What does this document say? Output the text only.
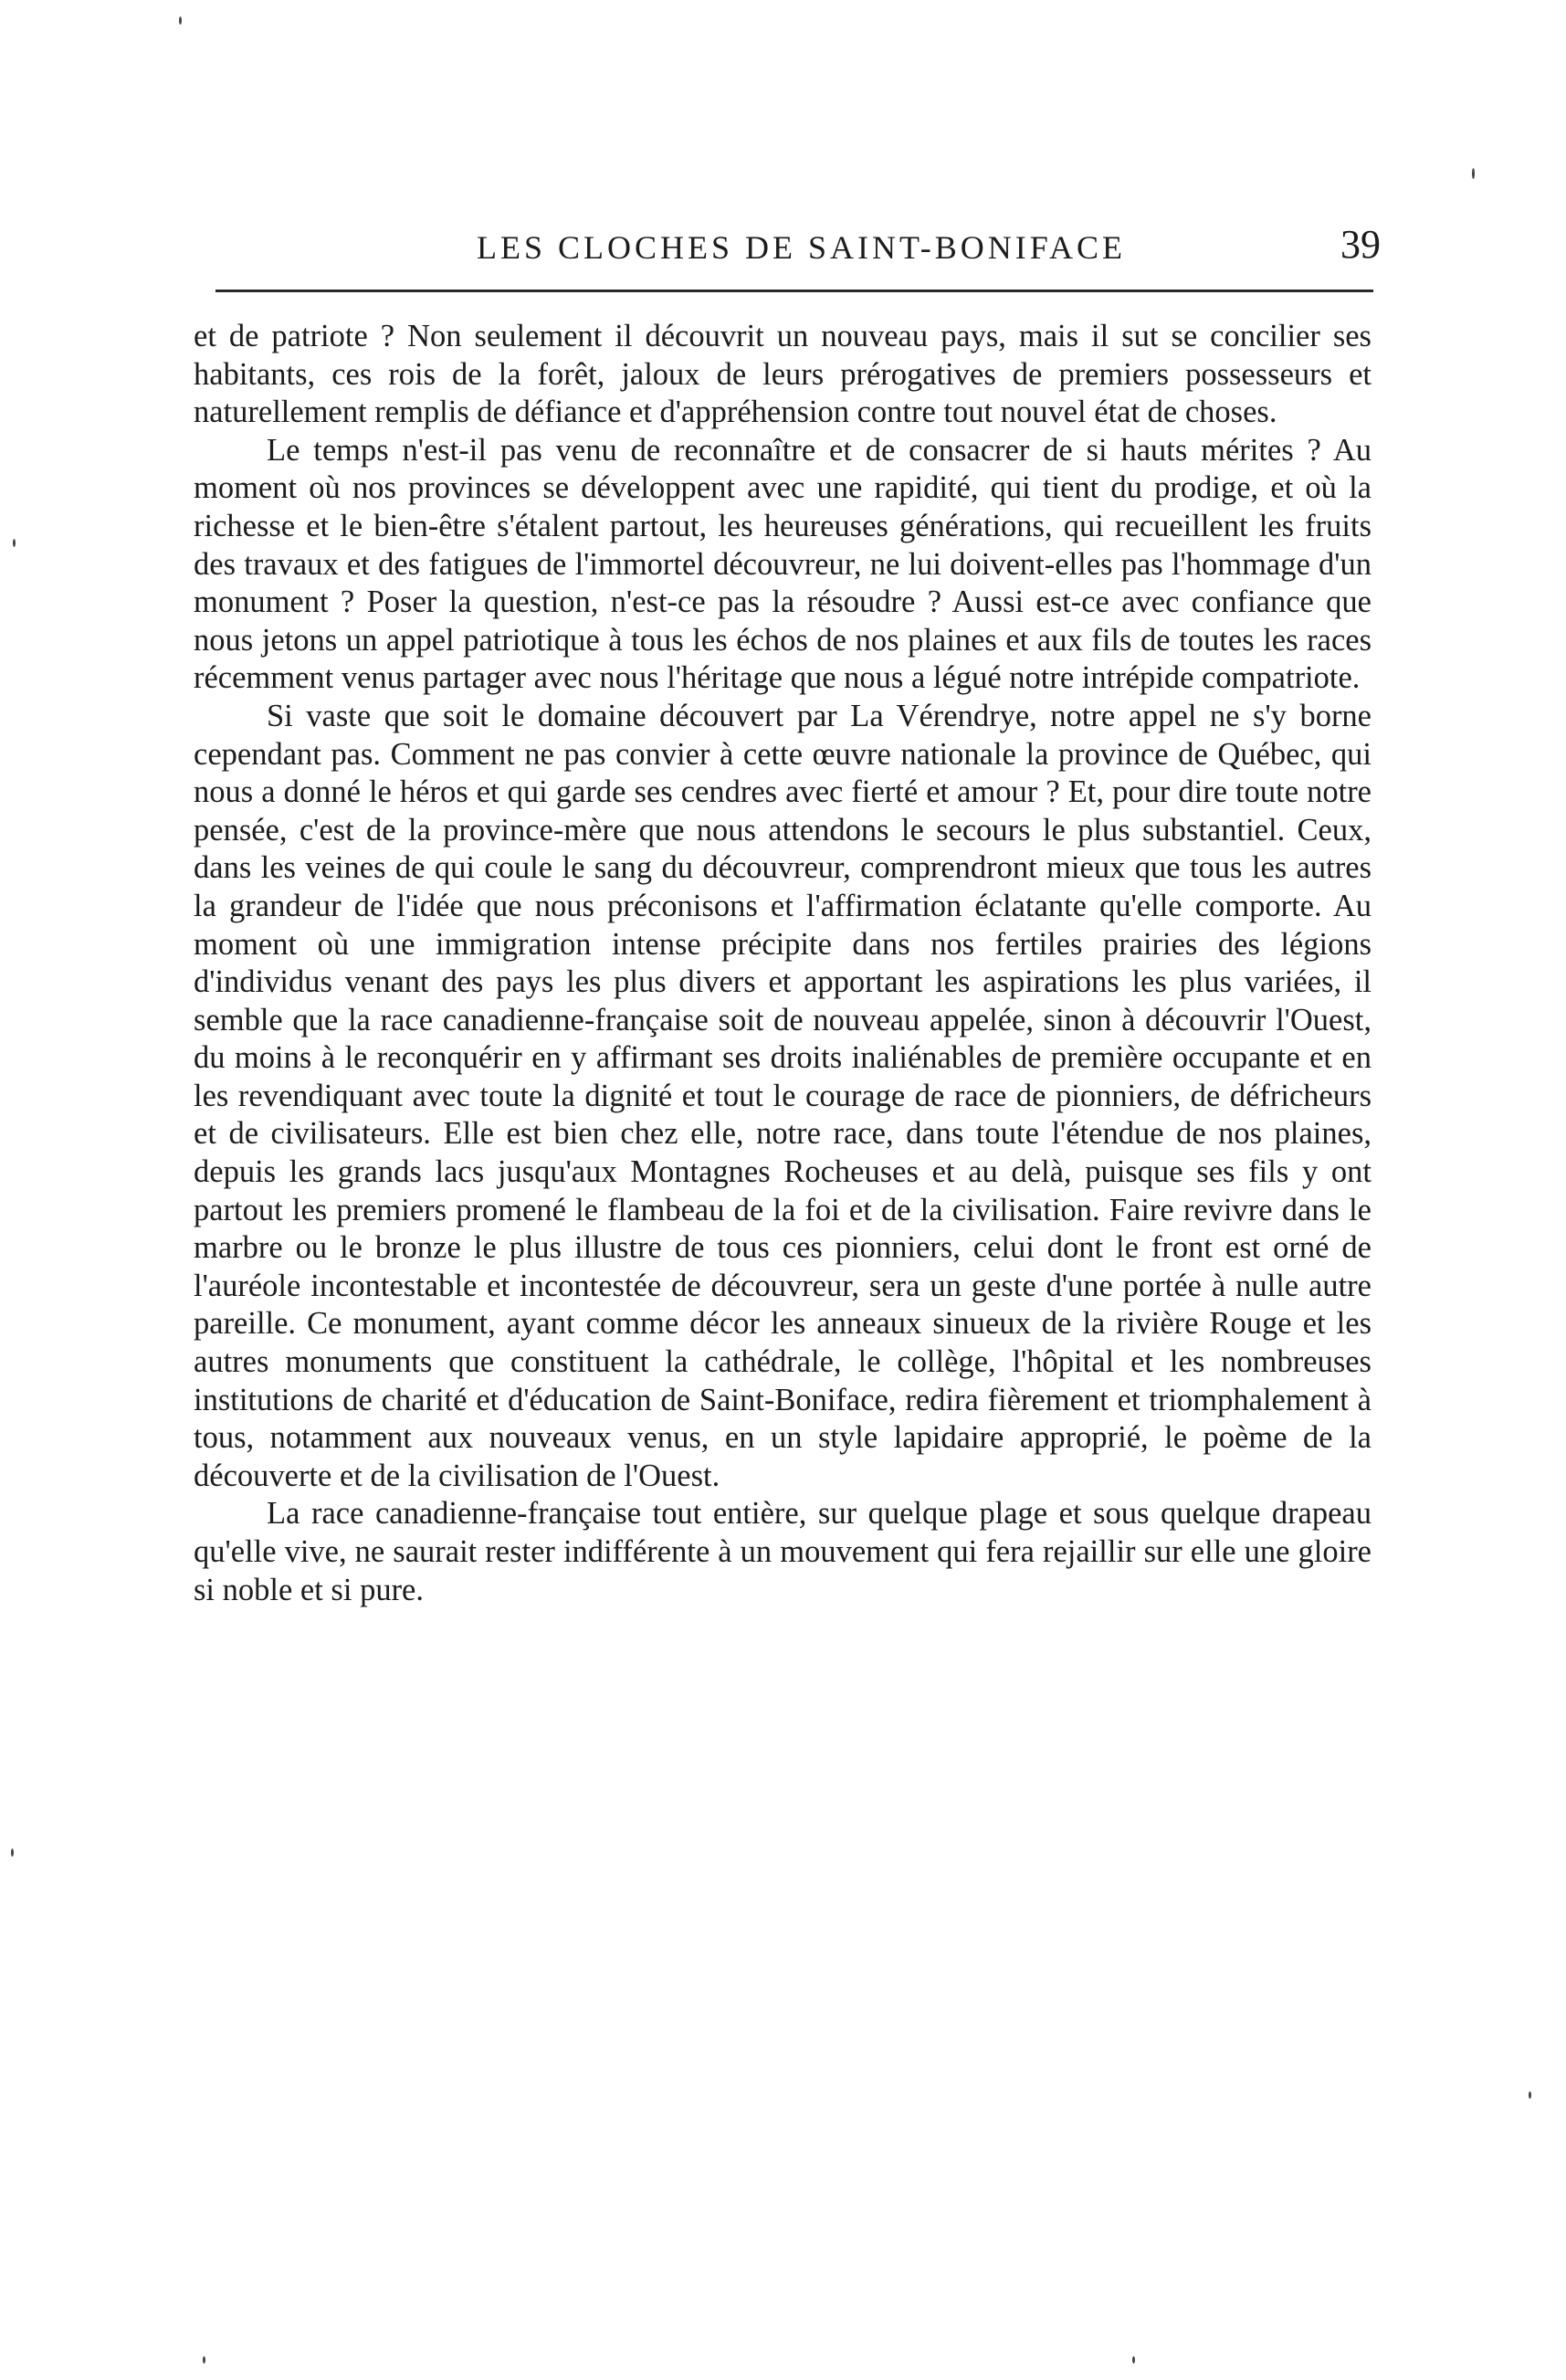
LES CLOCHES DE SAINT-BONIFACE	39

et de patriote ? Non seulement il découvrit un nouveau pays, mais il sut se concilier ses habitants, ces rois de la forêt, jaloux de leurs prérogatives de premiers possesseurs et naturellement remplis de défiance et d'appréhension contre tout nouvel état de choses.

Le temps n'est-il pas venu de reconnaître et de consacrer de si hauts mérites ? Au moment où nos provinces se développent avec une rapidité, qui tient du prodige, et où la richesse et le bien-être s'étalent partout, les heureuses générations, qui recueillent les fruits des travaux et des fatigues de l'immortel découvreur, ne lui doivent-elles pas l'hommage d'un monument ? Poser la question, n'est-ce pas la résoudre ? Aussi est-ce avec confiance que nous jetons un appel patriotique à tous les échos de nos plaines et aux fils de toutes les races récemment venus partager avec nous l'héritage que nous a légué notre intrépide compatriote.

Si vaste que soit le domaine découvert par La Vérendrye, notre appel ne s'y borne cependant pas. Comment ne pas convier à cette œuvre nationale la province de Québec, qui nous a donné le héros et qui garde ses cendres avec fierté et amour ? Et, pour dire toute notre pensée, c'est de la province-mère que nous attendons le secours le plus substantiel. Ceux, dans les veines de qui coule le sang du découvreur, comprendront mieux que tous les autres la grandeur de l'idée que nous préconisons et l'affirmation éclatante qu'elle comporte. Au moment où une immigration intense précipite dans nos fertiles prairies des légions d'individus venant des pays les plus divers et apportant les aspirations les plus variées, il semble que la race canadienne-française soit de nouveau appelée, sinon à découvrir l'Ouest, du moins à le reconquérir en y affirmant ses droits inaliénables de première occupante et en les revendiquant avec toute la dignité et tout le courage de race de pionniers, de défricheurs et de civilisateurs. Elle est bien chez elle, notre race, dans toute l'étendue de nos plaines, depuis les grands lacs jusqu'aux Montagnes Rocheuses et au delà, puisque ses fils y ont partout les premiers promené le flambeau de la foi et de la civilisation. Faire revivre dans le marbre ou le bronze le plus illustre de tous ces pionniers, celui dont le front est orné de l'auréole incontestable et incontestée de découvreur, sera un geste d'une portée à nulle autre pareille. Ce monument, ayant comme décor les anneaux sinueux de la rivière Rouge et les autres monuments que constituent la cathédrale, le collège, l'hôpital et les nombreuses institutions de charité et d'éducation de Saint-Boniface, redira fièrement et triomphalement à tous, notamment aux nouveaux venus, en un style lapidaire approprié, le poème de la découverte et de la civilisation de l'Ouest.

La race canadienne-française tout entière, sur quelque plage et sous quelque drapeau qu'elle vive, ne saurait rester indifférente à un mouvement qui fera rejaillir sur elle une gloire si noble et si pure.
